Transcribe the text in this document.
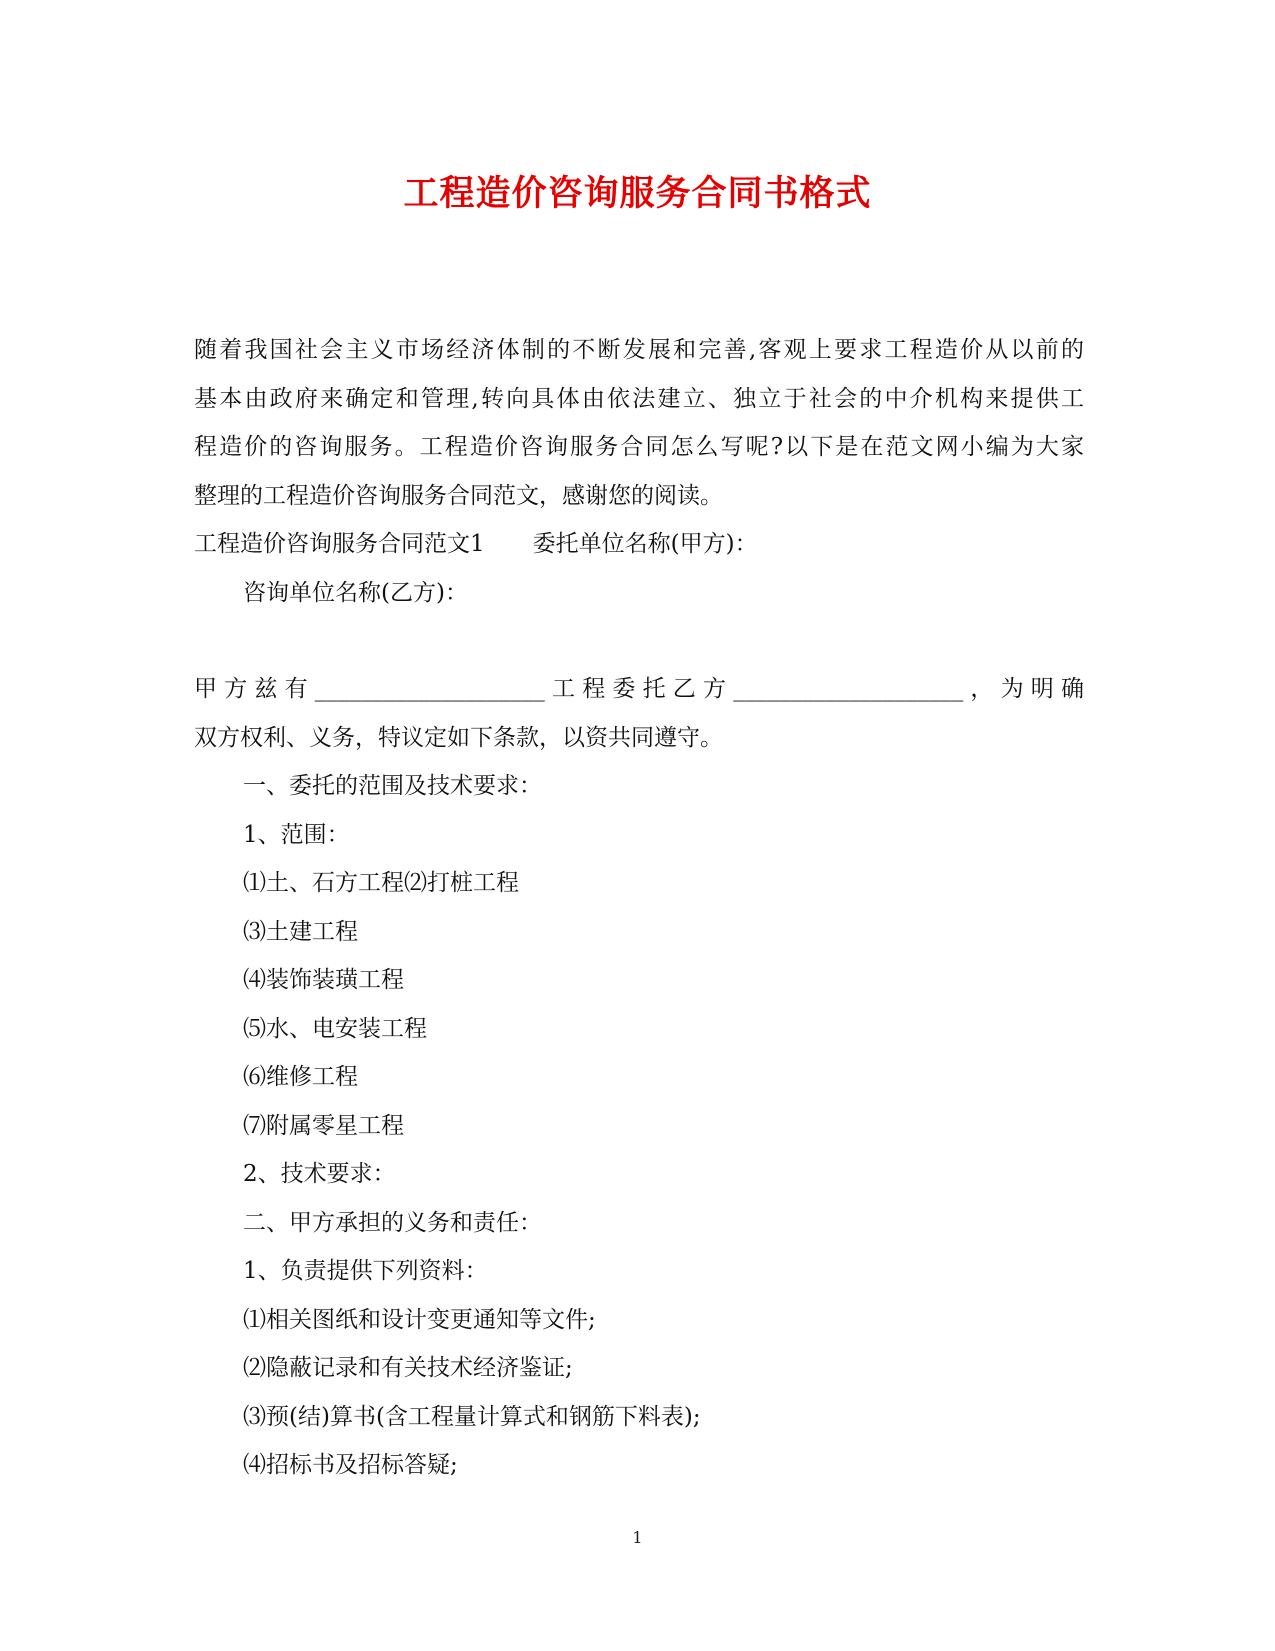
工程造价咨询服务合同书格式
随着我国社会主义市场经济体制的不断发展和完善,客观上要求工程造价从以前的
基本由政府来确定和管理,转向具体由依法建立、独立于社会的中介机构来提供工
程造价的咨询服务。工程造价咨询服务合同怎么写呢?以下是在范文网小编为大家
整理的工程造价咨询服务合同范文，感谢您的阅读。
工程造价咨询服务合同范文1 委托单位名称(甲方)：
咨询单位名称(乙方)：
甲方兹有____________________工程委托乙方____________________，为明确
双方权利、义务，特议定如下条款，以资共同遵守。
一、委托的范围及技术要求：
1、范围：
⑴土、石方工程⑵打桩工程
⑶土建工程
⑷装饰装璜工程
⑸水、电安装工程
⑹维修工程
⑺附属零星工程
2、技术要求：
二、甲方承担的义务和责任：
1、负责提供下列资料：
⑴相关图纸和设计变更通知等文件;
⑵隐蔽记录和有关技术经济鉴证;
⑶预(结)算书(含工程量计算式和钢筋下料表);
⑷招标书及招标答疑;
1
